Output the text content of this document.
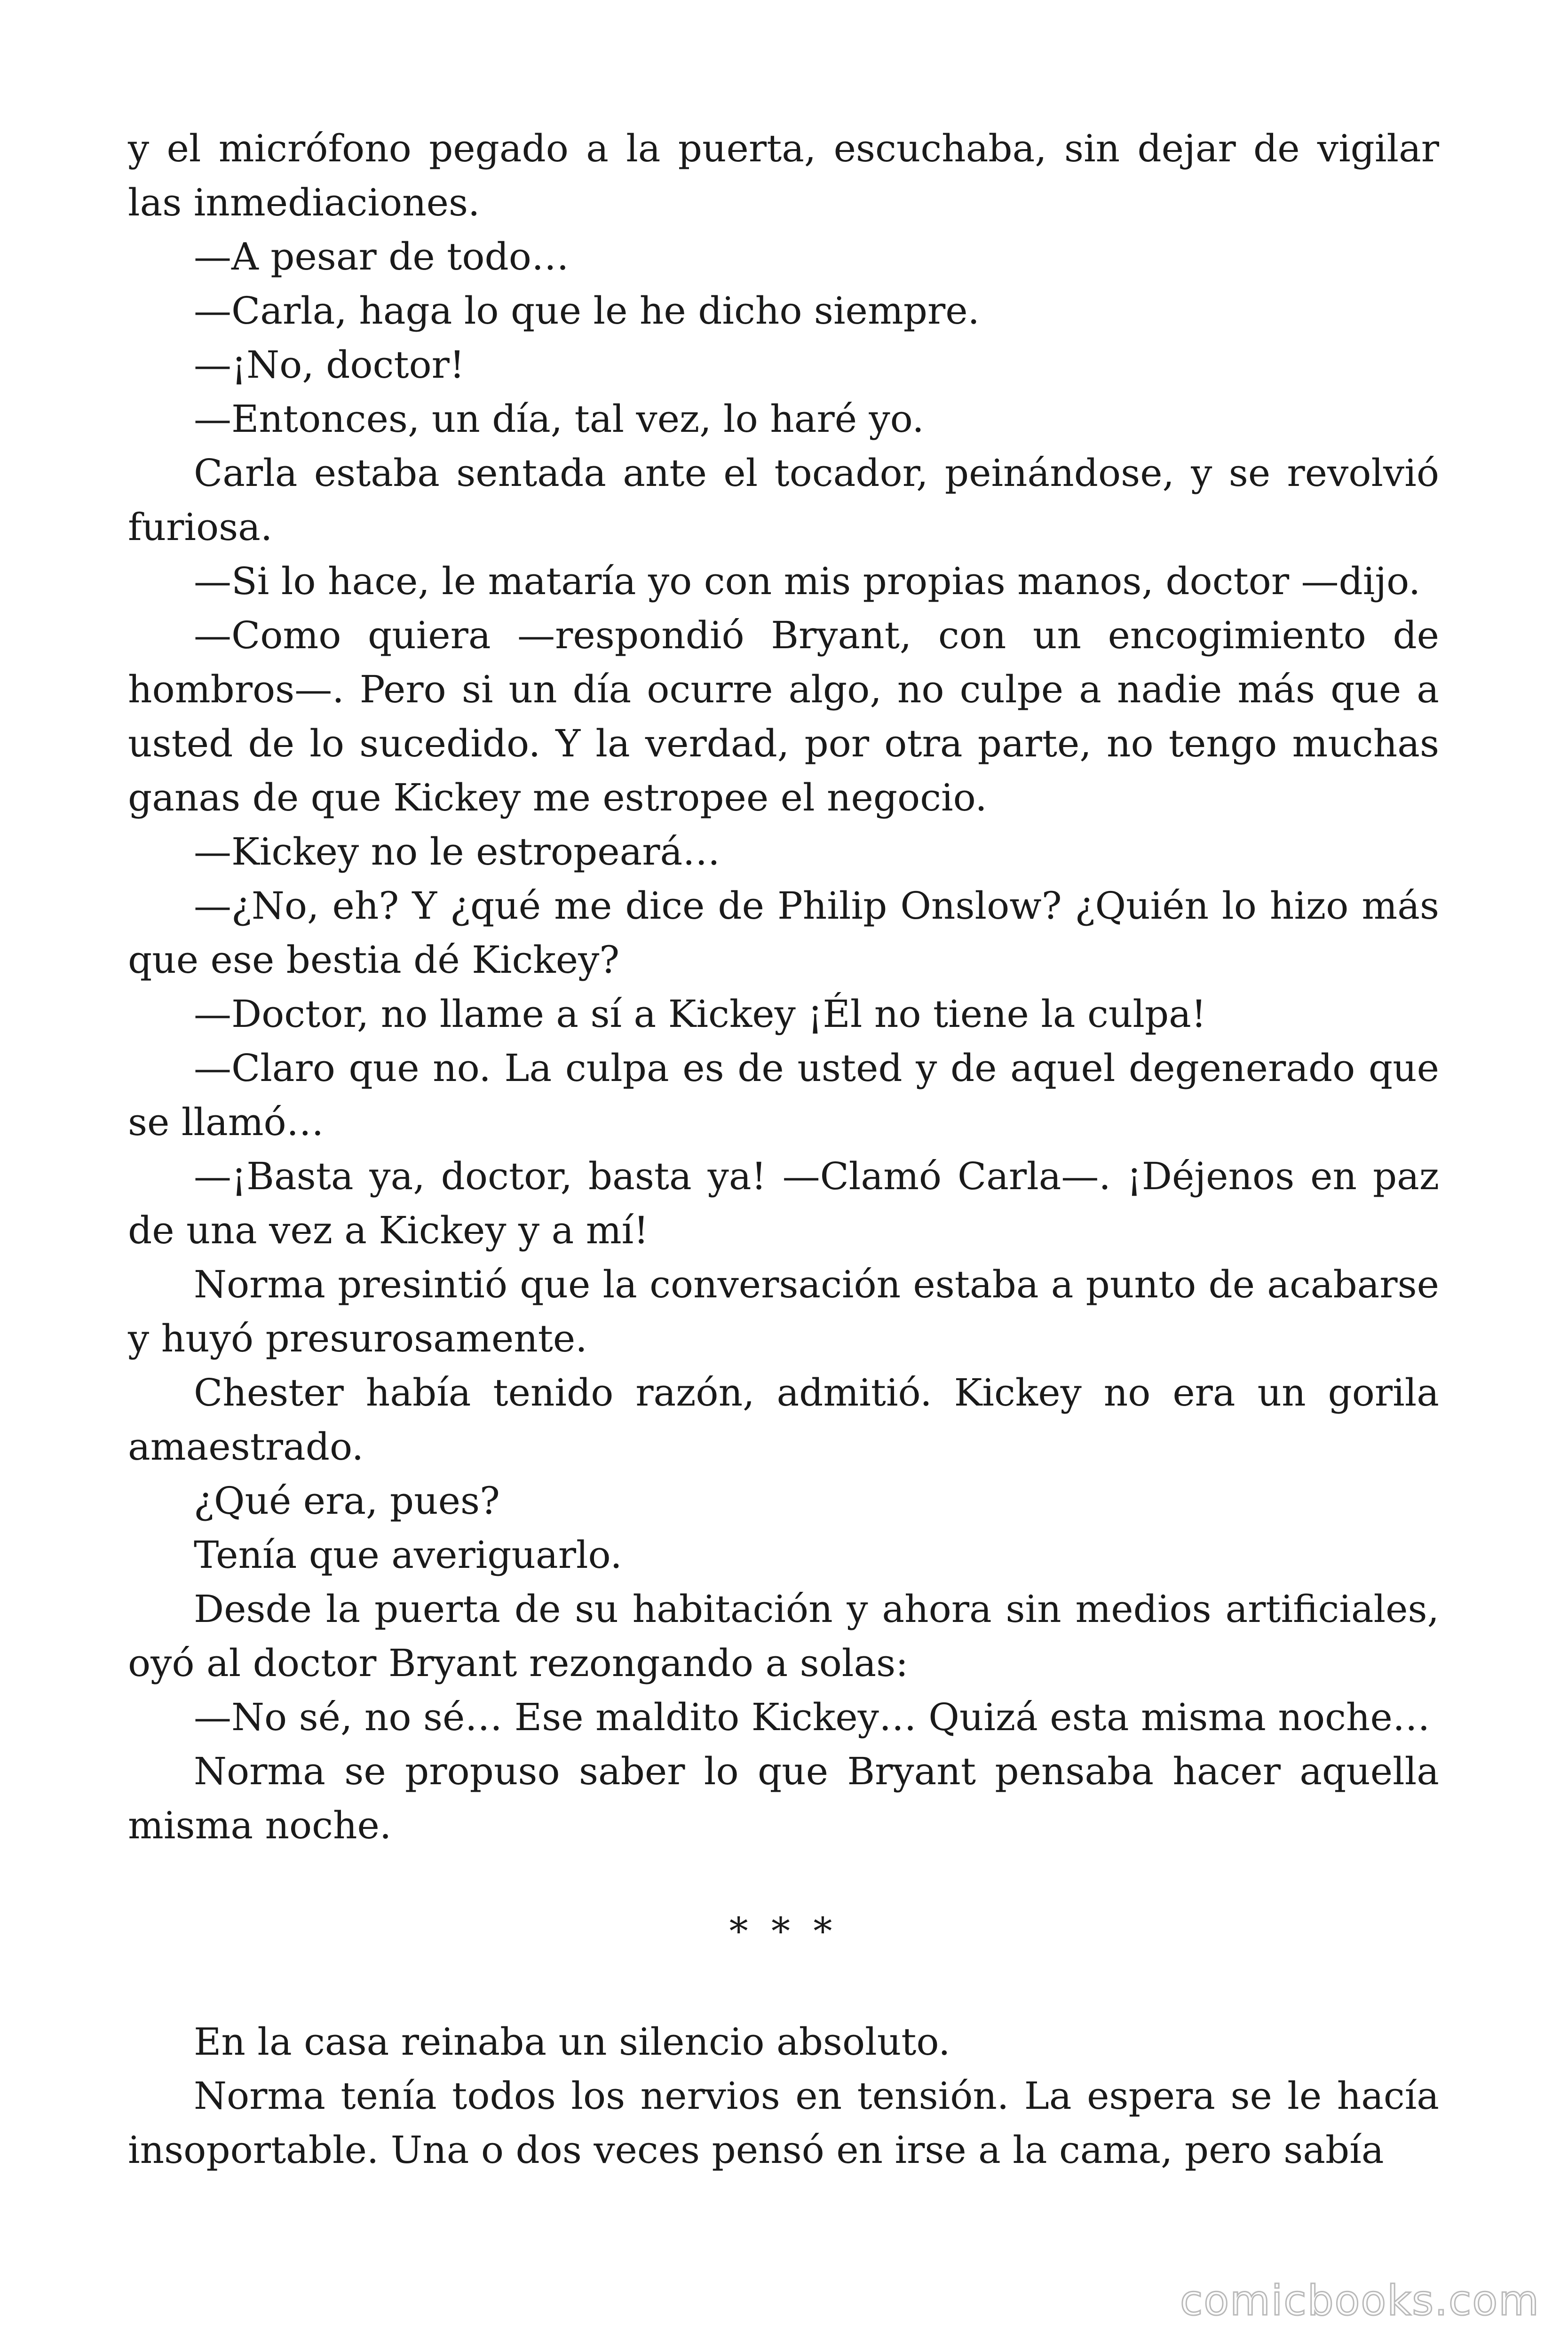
y el micrófono pegado a la puerta, escuchaba, sin dejar de vigilar las inmediaciones.

—A pesar de todo…

—Carla, haga lo que le he dicho siempre.

—¡No, doctor!

—Entonces, un día, tal vez, lo haré yo.

Carla estaba sentada ante el tocador, peinándose, y se revolvió furiosa.

—Si lo hace, le mataría yo con mis propias manos, doctor —dijo.

—Como quiera —respondió Bryant, con un encogimiento de hombros—. Pero si un día ocurre algo, no culpe a nadie más que a usted de lo sucedido. Y la verdad, por otra parte, no tengo muchas ganas de que Kickey me estropee el negocio.

—Kickey no le estropeará…

—¿No, eh? Y ¿qué me dice de Philip Onslow? ¿Quién lo hizo más que ese bestia dé Kickey?

—Doctor, no llame a sí a Kickey ¡Él no tiene la culpa!

—Claro que no. La culpa es de usted y de aquel degenerado que se llamó…

—¡Basta ya, doctor, basta ya! —Clamó Carla—. ¡Déjenos en paz de una vez a Kickey y a mí!

Norma presintió que la conversación estaba a punto de acabarse y huyó presurosamente.

Chester había tenido razón, admitió. Kickey no era un gorila amaestrado.

¿Qué era, pues?

Tenía que averiguarlo.

Desde la puerta de su habitación y ahora sin medios artificiales, oyó al doctor Bryant rezongando a solas:

—No sé, no sé… Ese maldito Kickey… Quizá esta misma noche…

Norma se propuso saber lo que Bryant pensaba hacer aquella misma noche.

* * *

En la casa reinaba un silencio absoluto.

Norma tenía todos los nervios en tensión. La espera se le hacía insoportable. Una o dos veces pensó en irse a la cama, pero sabía

comicbooks.com
